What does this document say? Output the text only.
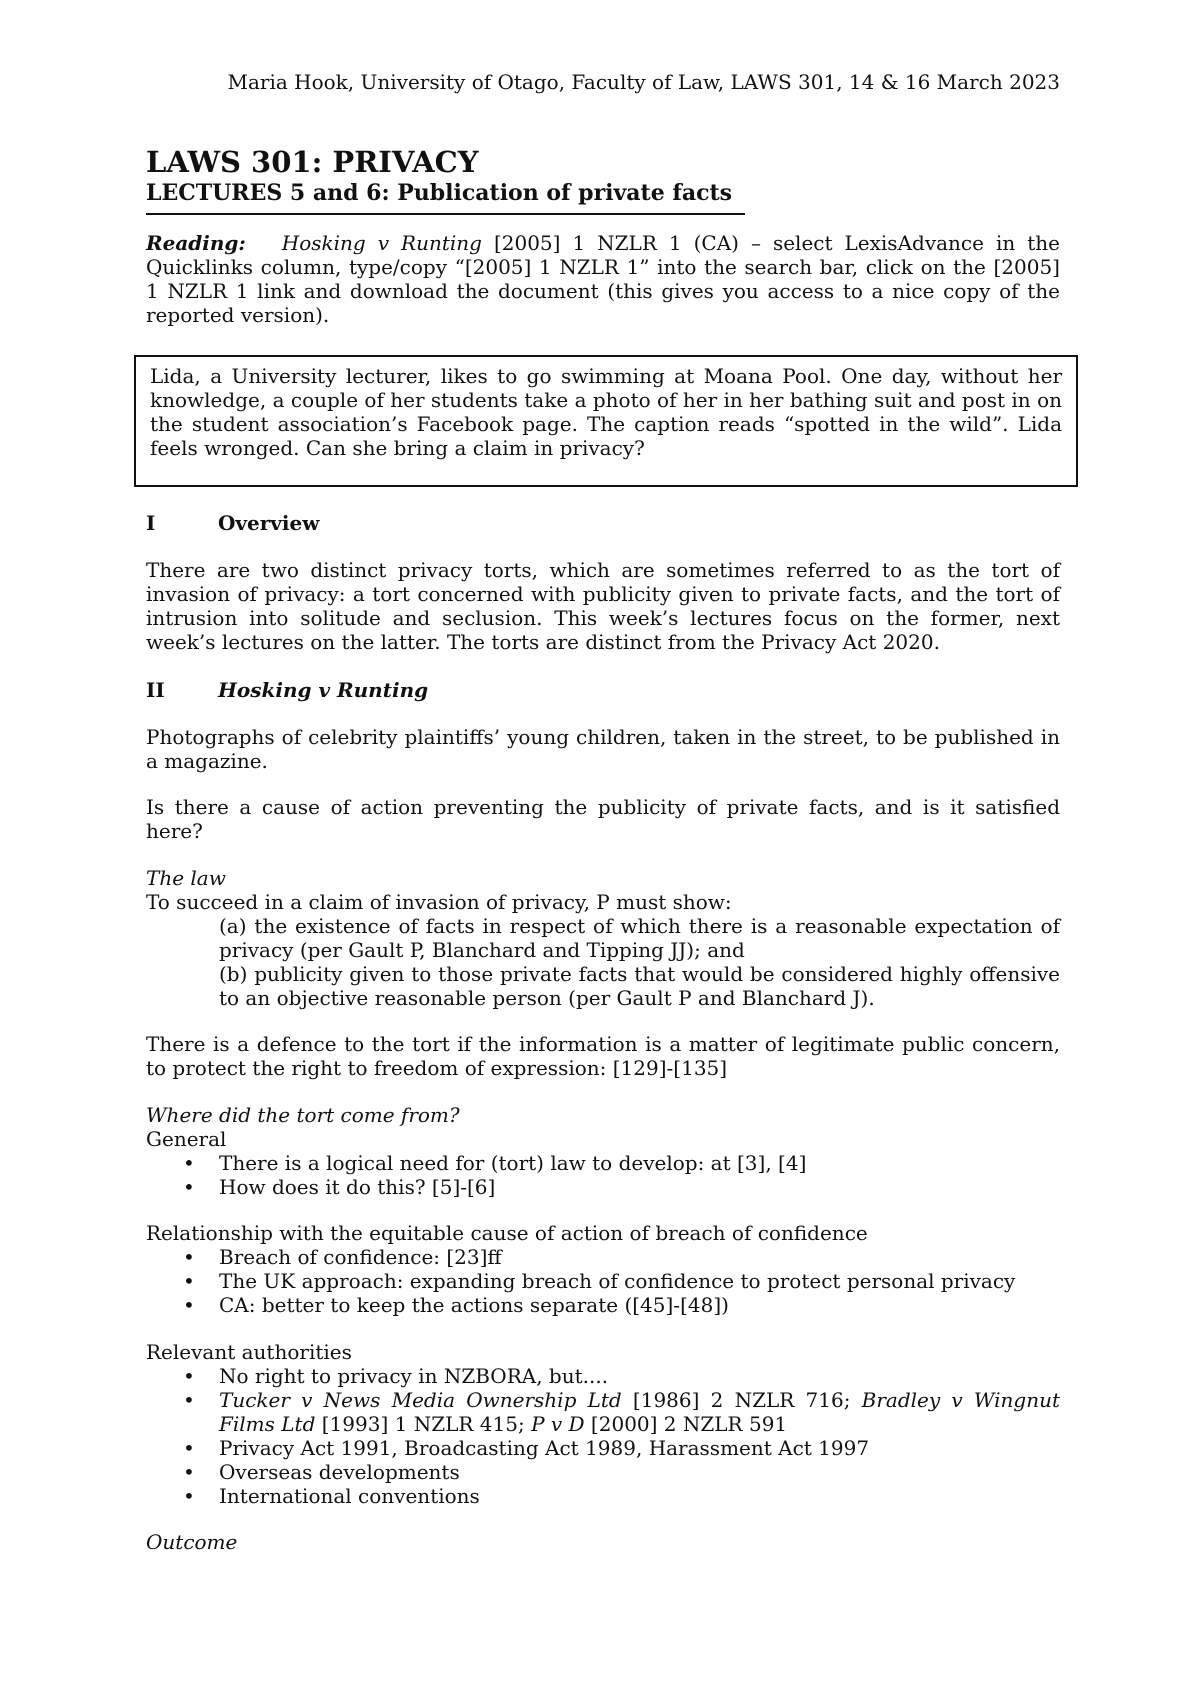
Maria Hook, University of Otago, Faculty of Law, LAWS 301, 14 & 16 March 2023
LAWS 301: PRIVACY
LECTURES 5 and 6: Publication of private facts
Reading: Hosking v Runting [2005] 1 NZLR 1 (CA) – select LexisAdvance in the Quicklinks column, type/copy “[2005] 1 NZLR 1” into the search bar, click on the [2005] 1 NZLR 1 link and download the document (this gives you access to a nice copy of the reported version).
Lida, a University lecturer, likes to go swimming at Moana Pool. One day, without her knowledge, a couple of her students take a photo of her in her bathing suit and post in on the student association’s Facebook page. The caption reads “spotted in the wild”. Lida feels wronged. Can she bring a claim in privacy?
I	Overview
There are two distinct privacy torts, which are sometimes referred to as the tort of invasion of privacy: a tort concerned with publicity given to private facts, and the tort of intrusion into solitude and seclusion. This week’s lectures focus on the former, next week’s lectures on the latter. The torts are distinct from the Privacy Act 2020.
II	Hosking v Runting
Photographs of celebrity plaintiffs’ young children, taken in the street, to be published in a magazine.
Is there a cause of action preventing the publicity of private facts, and is it satisfied here?
The law
To succeed in a claim of invasion of privacy, P must show:
(a) the existence of facts in respect of which there is a reasonable expectation of privacy (per Gault P, Blanchard and Tipping JJ); and
(b) publicity given to those private facts that would be considered highly offensive to an objective reasonable person (per Gault P and Blanchard J).
There is a defence to the tort if the information is a matter of legitimate public concern, to protect the right to freedom of expression: [129]-[135]
Where did the tort come from?
General
• There is a logical need for (tort) law to develop: at [3], [4]
• How does it do this? [5]-[6]
Relationship with the equitable cause of action of breach of confidence
• Breach of confidence: [23]ff
• The UK approach: expanding breach of confidence to protect personal privacy
• CA: better to keep the actions separate ([45]-[48])
Relevant authorities
• No right to privacy in NZBORA, but....
• Tucker v News Media Ownership Ltd [1986] 2 NZLR 716; Bradley v Wingnut Films Ltd [1993] 1 NZLR 415; P v D [2000] 2 NZLR 591
• Privacy Act 1991, Broadcasting Act 1989, Harassment Act 1997
• Overseas developments
• International conventions
Outcome
